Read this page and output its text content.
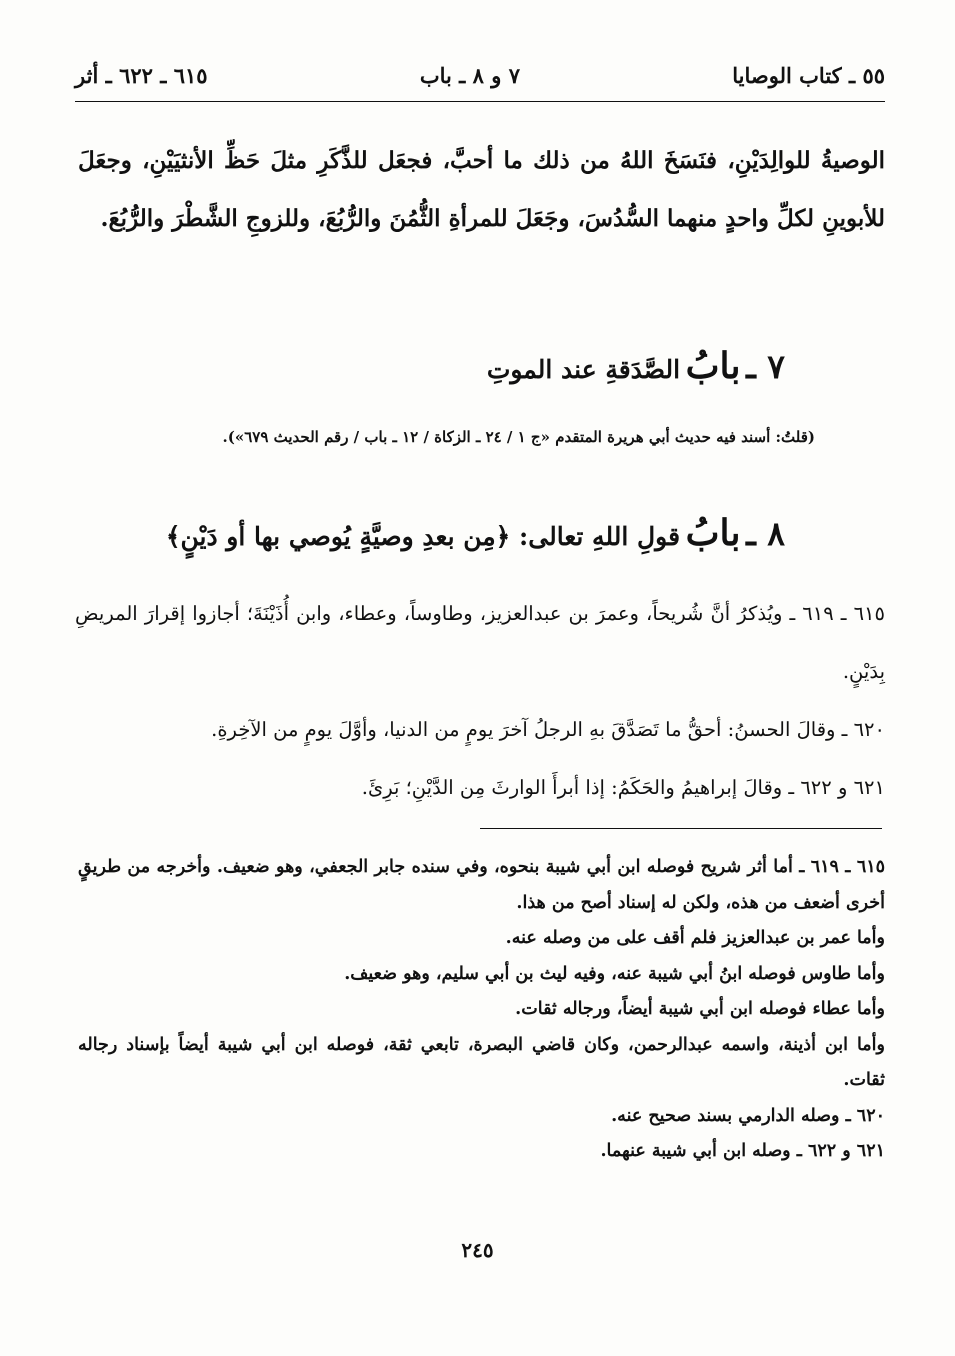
٥٥ ـ كتاب الوصايا
٧ و ٨ ـ باب
٦١٥ ـ ٦٢٢ ـ أثر
الوصيةُ للوالِدَيْنِ، فنَسَخَ اللهُ من ذلك ما أحبَّ، فجعَل للذَّكَرِ مثلَ حَظِّ الأنثيَيْنِ، وجعَلَ للأبوينِ لكلِّ واحدٍ منهما السُّدُسَ، وجَعَلَ للمرأةِ الثُّمُنَ والرُّبُعَ، وللزوجِ الشَّطْرَ والرُّبُعَ.
٧ ـ بابُ الصَّدَقةِ عند الموتِ
(قلتُ: أسند فيه حديث أبي هريرة المتقدم «ج ١ / ٢٤ ـ الزكاة / ١٢ ـ باب / رقم الحديث ٦٧٩»).
٨ ـ بابُ قولِ اللهِ تعالى: ﴿مِن بعدِ وصيَّةٍ يُوصي بها أو دَيْنٍ﴾

٦١٥ ـ ٦١٩ ـ ويُذكرُ أنَّ شُريحاً، وعمرَ بن عبدالعزيز، وطاوساً، وعطاء، وابن أُذَيْنَةَ؛ أجازوا إقرارَ المريضِ بِدَيْنٍ.

٦٢٠ ـ وقالَ الحسنُ: أحقُّ ما تَصَدَّقَ بهِ الرجلُ آخرَ يومٍ من الدنيا، وأوَّلَ يومٍ من الآخِرةِ.

٦٢١ و ٦٢٢ ـ وقالَ إبراهيمُ والحَكَمُ: إذا أبرأَ الوارثَ مِن الدَّيْنِ؛ بَرِئَ.

٦١٥ ـ ٦١٩ ـ أما أثر شريح فوصله ابن أبي شيبة بنحوه، وفي سنده جابر الجعفي، وهو ضعيف. وأخرجه من طريقٍ أخرى أضعف من هذه، ولكن له إسناد أصح من هذا.

وأما عمر بن عبدالعزيز فلم أقف على من وصله عنه.

وأما طاوس فوصله ابنُ أبي شيبة عنه، وفيه ليث بن أبي سليم، وهو ضعيف.

وأما عطاء فوصله ابن أبي شيبة أيضاً، ورجاله ثقات.

وأما ابن أذينة، واسمه عبدالرحمن، وكان قاضي البصرة، تابعي ثقة، فوصله ابن أبي شيبة أيضاً بإسناد رجاله ثقات.

٦٢٠ ـ وصله الدارمي بسند صحيح عنه.

٦٢١ و ٦٢٢ ـ وصله ابن أبي شيبة عنهما.

٢٤٥
